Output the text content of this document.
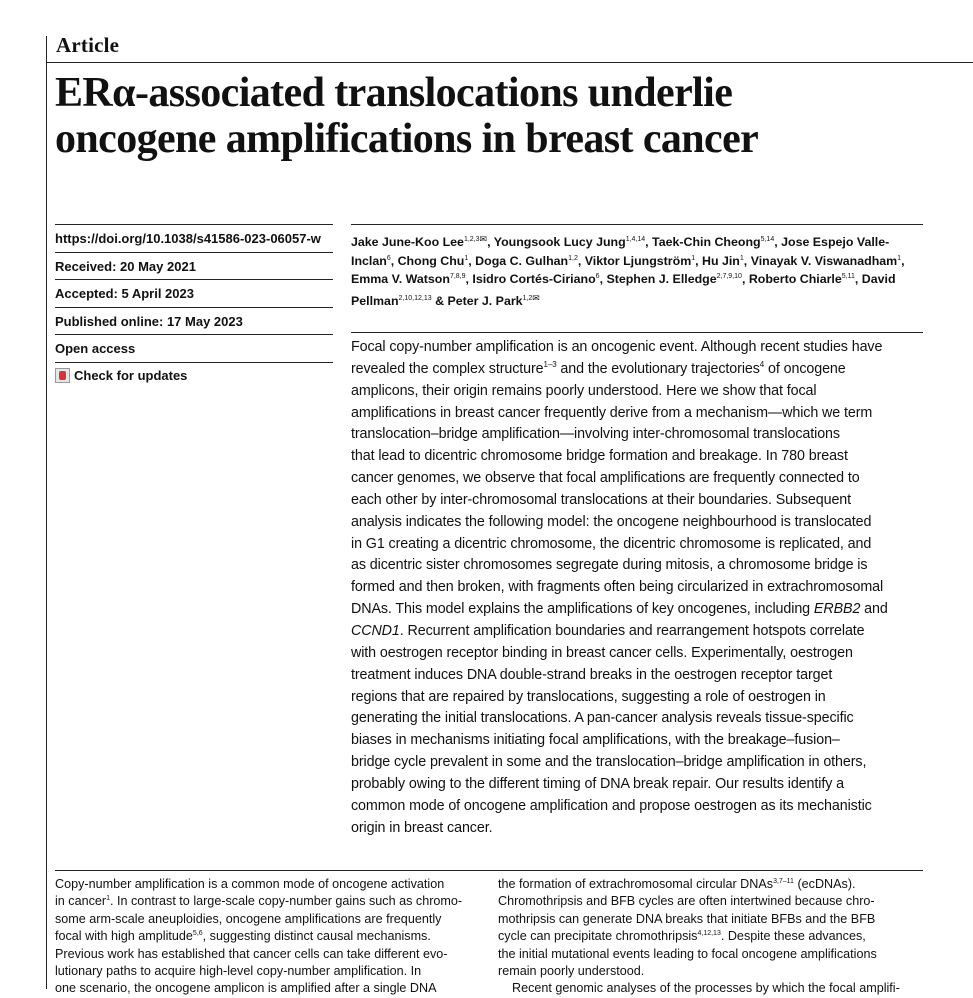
Article
ERα-associated translocations underlie
oncogene amplifications in breast cancer
https://doi.org/10.1038/s41586-023-06057-w
Received: 20 May 2021
Accepted: 5 April 2023
Published online: 17 May 2023
Open access
Check for updates
Jake June-Koo Lee$^{1,2,3✉}$, Youngsook Lucy Jung$^{1,4,14}$, Taek-Chin Cheong$^{5,14}$, Jose Espejo Valle-Inclan$^6$, Chong Chu$^1$, Doga C. Gulhan$^{1,2}$, Viktor Ljungström$^1$, Hu Jin$^1$, Vinayak V. Viswanadham$^1$, Emma V. Watson$^{7,8,9}$, Isidro Cortés-Ciriano$^6$, Stephen J. Elledge$^{2,7,9,10}$, Roberto Chiarle$^{5,11}$, David Pellman$^{2,10,12,13}$ & Peter J. Park$^{1,2✉}$
Focal copy-number amplification is an oncogenic event. Although recent studies have
revealed the complex structure$^{1-3}$ and the evolutionary trajectories$^4$ of oncogene
amplicons, their origin remains poorly understood. Here we show that focal
amplifications in breast cancer frequently derive from a mechanism—which we term
translocation–bridge amplification—involving inter-chromosomal translocations
that lead to dicentric chromosome bridge formation and breakage. In 780 breast
cancer genomes, we observe that focal amplifications are frequently connected to
each other by inter-chromosomal translocations at their boundaries. Subsequent
analysis indicates the following model: the oncogene neighbourhood is translocated
in G1 creating a dicentric chromosome, the dicentric chromosome is replicated, and
as dicentric sister chromosomes segregate during mitosis, a chromosome bridge is
formed and then broken, with fragments often being circularized in extrachromosomal
DNAs. This model explains the amplifications of key oncogenes, including ERBB2 and
CCND1. Recurrent amplification boundaries and rearrangement hotspots correlate
with oestrogen receptor binding in breast cancer cells. Experimentally, oestrogen
treatment induces DNA double-strand breaks in the oestrogen receptor target
regions that are repaired by translocations, suggesting a role of oestrogen in
generating the initial translocations. A pan-cancer analysis reveals tissue-specific
biases in mechanisms initiating focal amplifications, with the breakage–fusion–
bridge cycle prevalent in some and the translocation–bridge amplification in others,
probably owing to the different timing of DNA break repair. Our results identify a
common mode of oncogene amplification and propose oestrogen as its mechanistic
origin in breast cancer.
Copy-number amplification is a common mode of oncogene activation
in cancer$^1$. In contrast to large-scale copy-number gains such as chromo-
some arm-scale aneuploidies, oncogene amplifications are frequently
focal with high amplitude$^{5,6}$, suggesting distinct causal mechanisms.
Previous work has established that cancer cells can take different evo-
lutionary paths to acquire high-level copy-number amplification. In
one scenario, the oncogene amplicon is amplified after a single DNA
the formation of extrachromosomal circular DNAs$^{3,7-11}$ (ecDNAs).
Chromothripsis and BFB cycles are often intertwined because chro-
mothripsis can generate DNA breaks that initiate BFBs and the BFB
cycle can precipitate chromothripsis$^{4,12,13}$. Despite these advances,
the initial mutational events leading to focal oncogene amplifications
remain poorly understood.
Recent genomic analyses of the processes by which the focal amplifi-
